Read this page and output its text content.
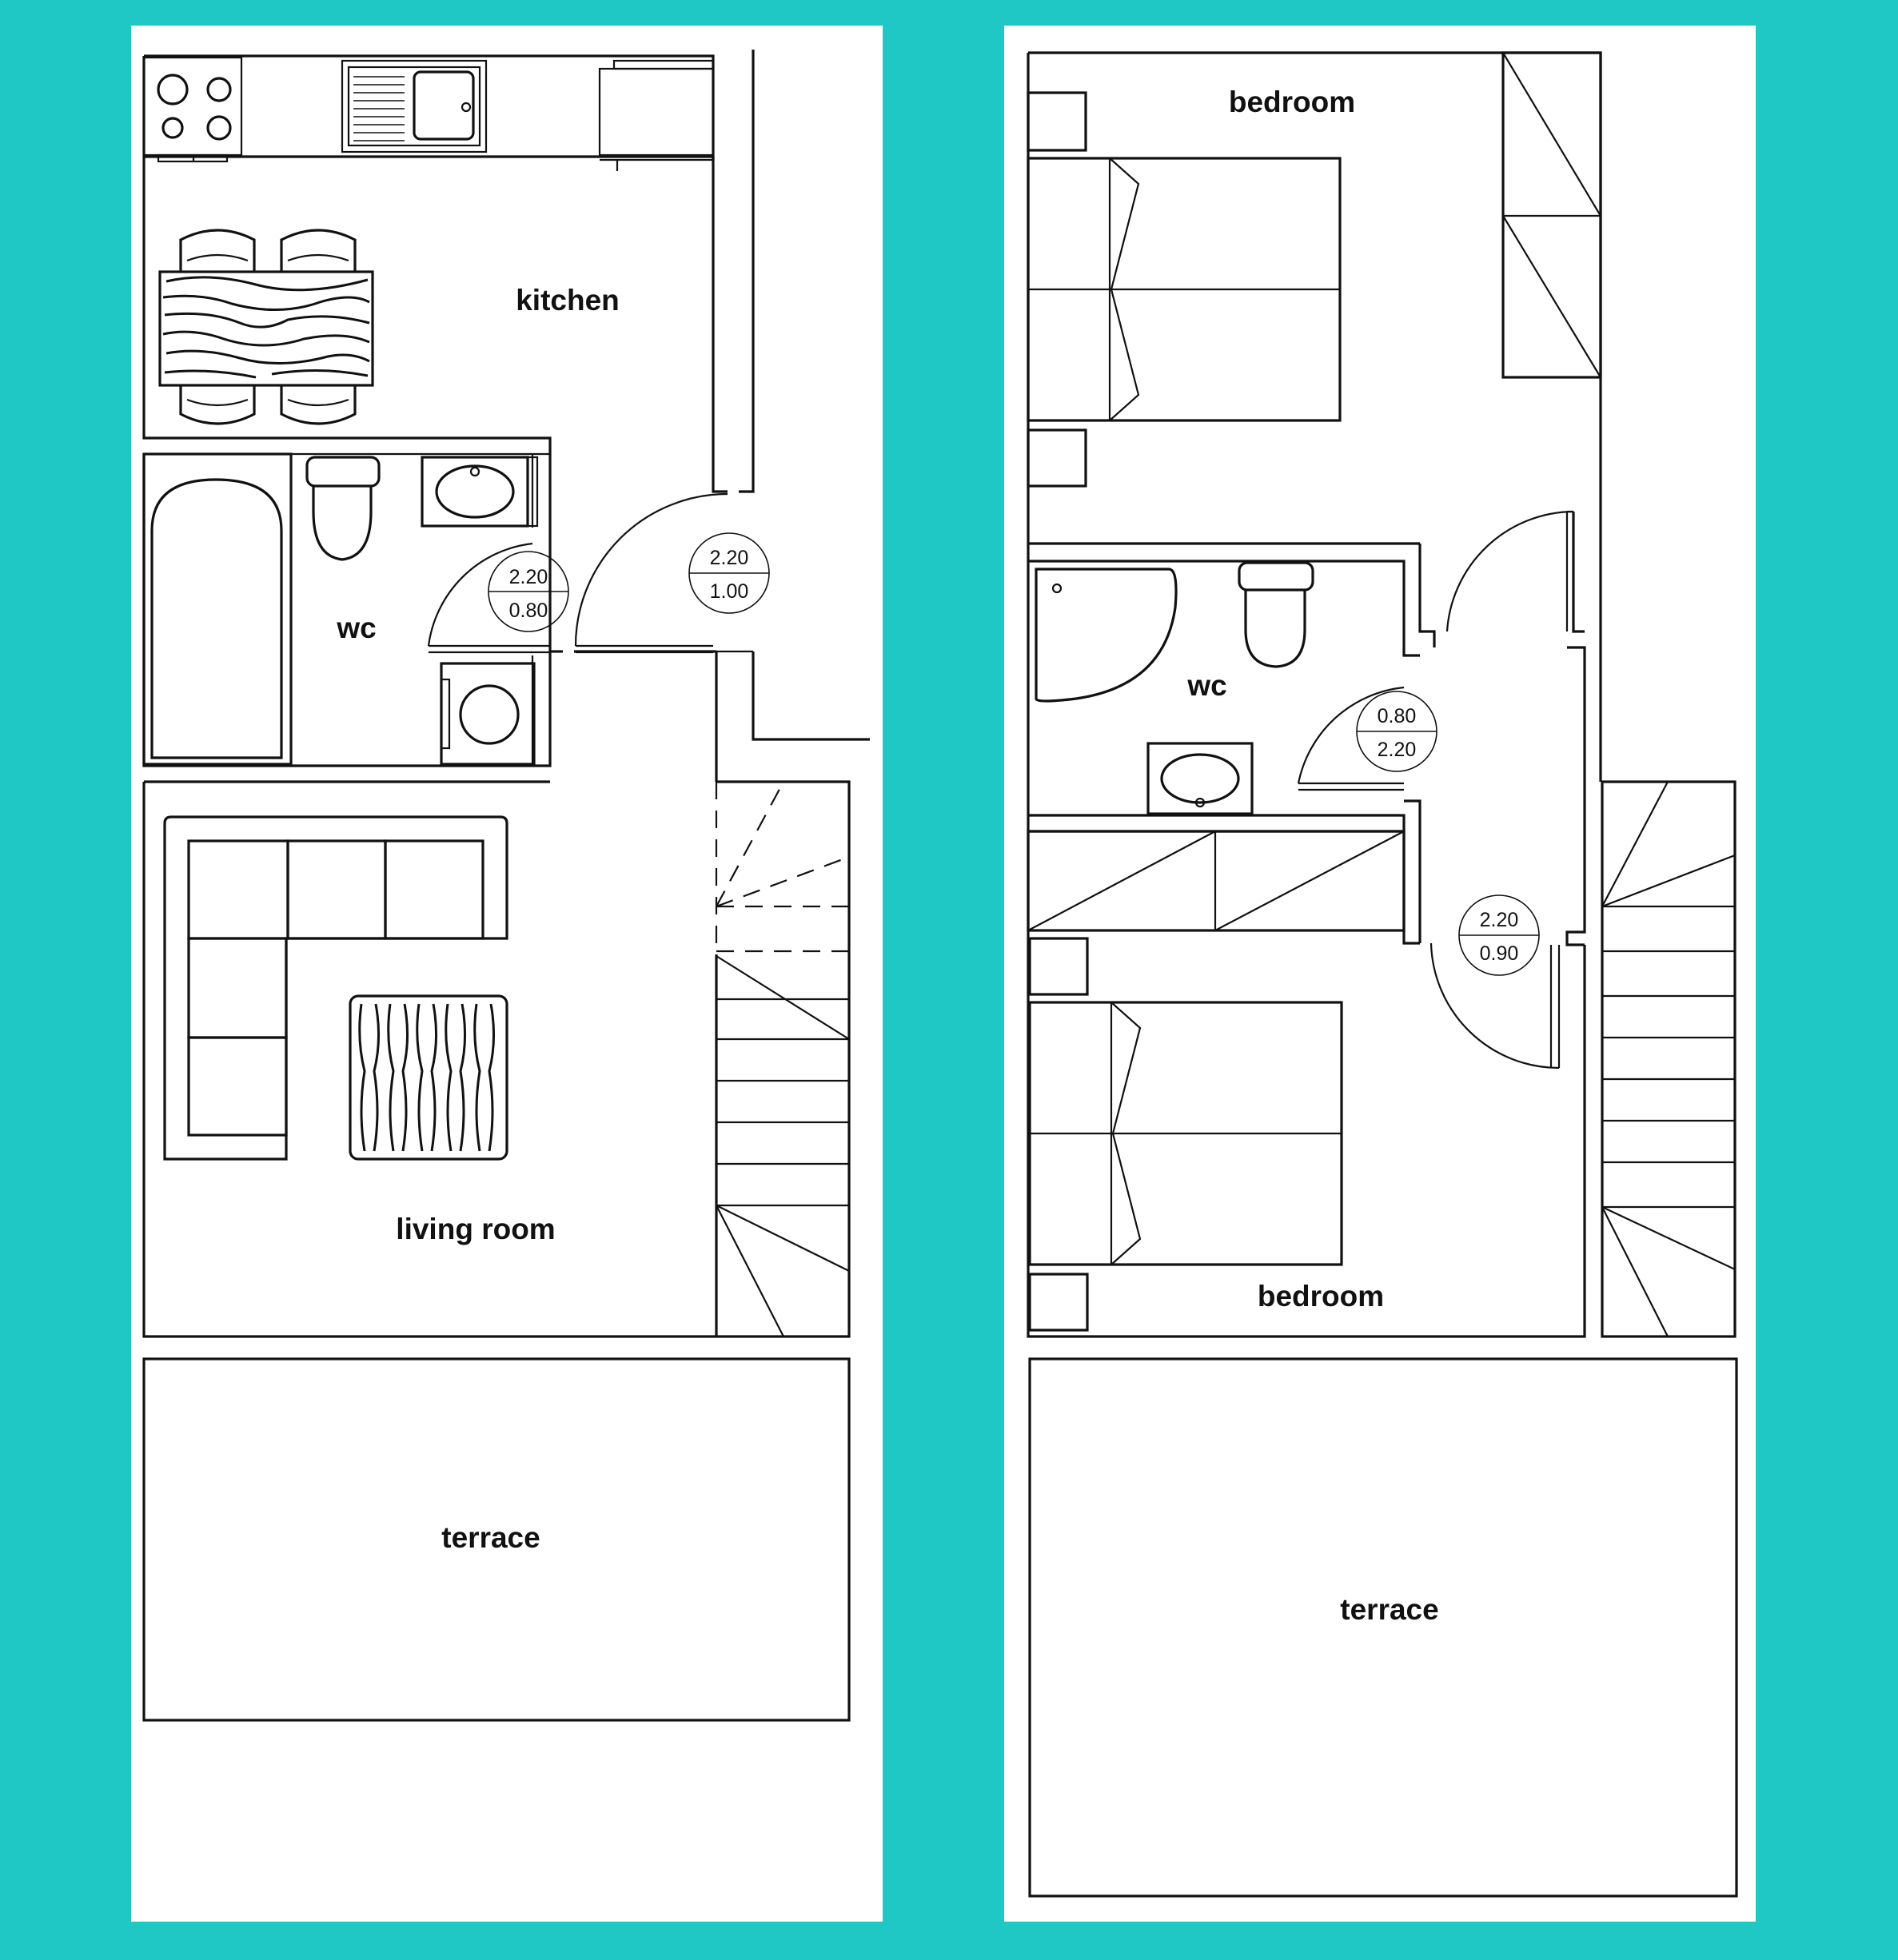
2.20
0.80
2.20
1.00
kitchen
wc
living room
terrace
0.80
2.20
2.20
0.90
bedroom
wc
bedroom
terrace
